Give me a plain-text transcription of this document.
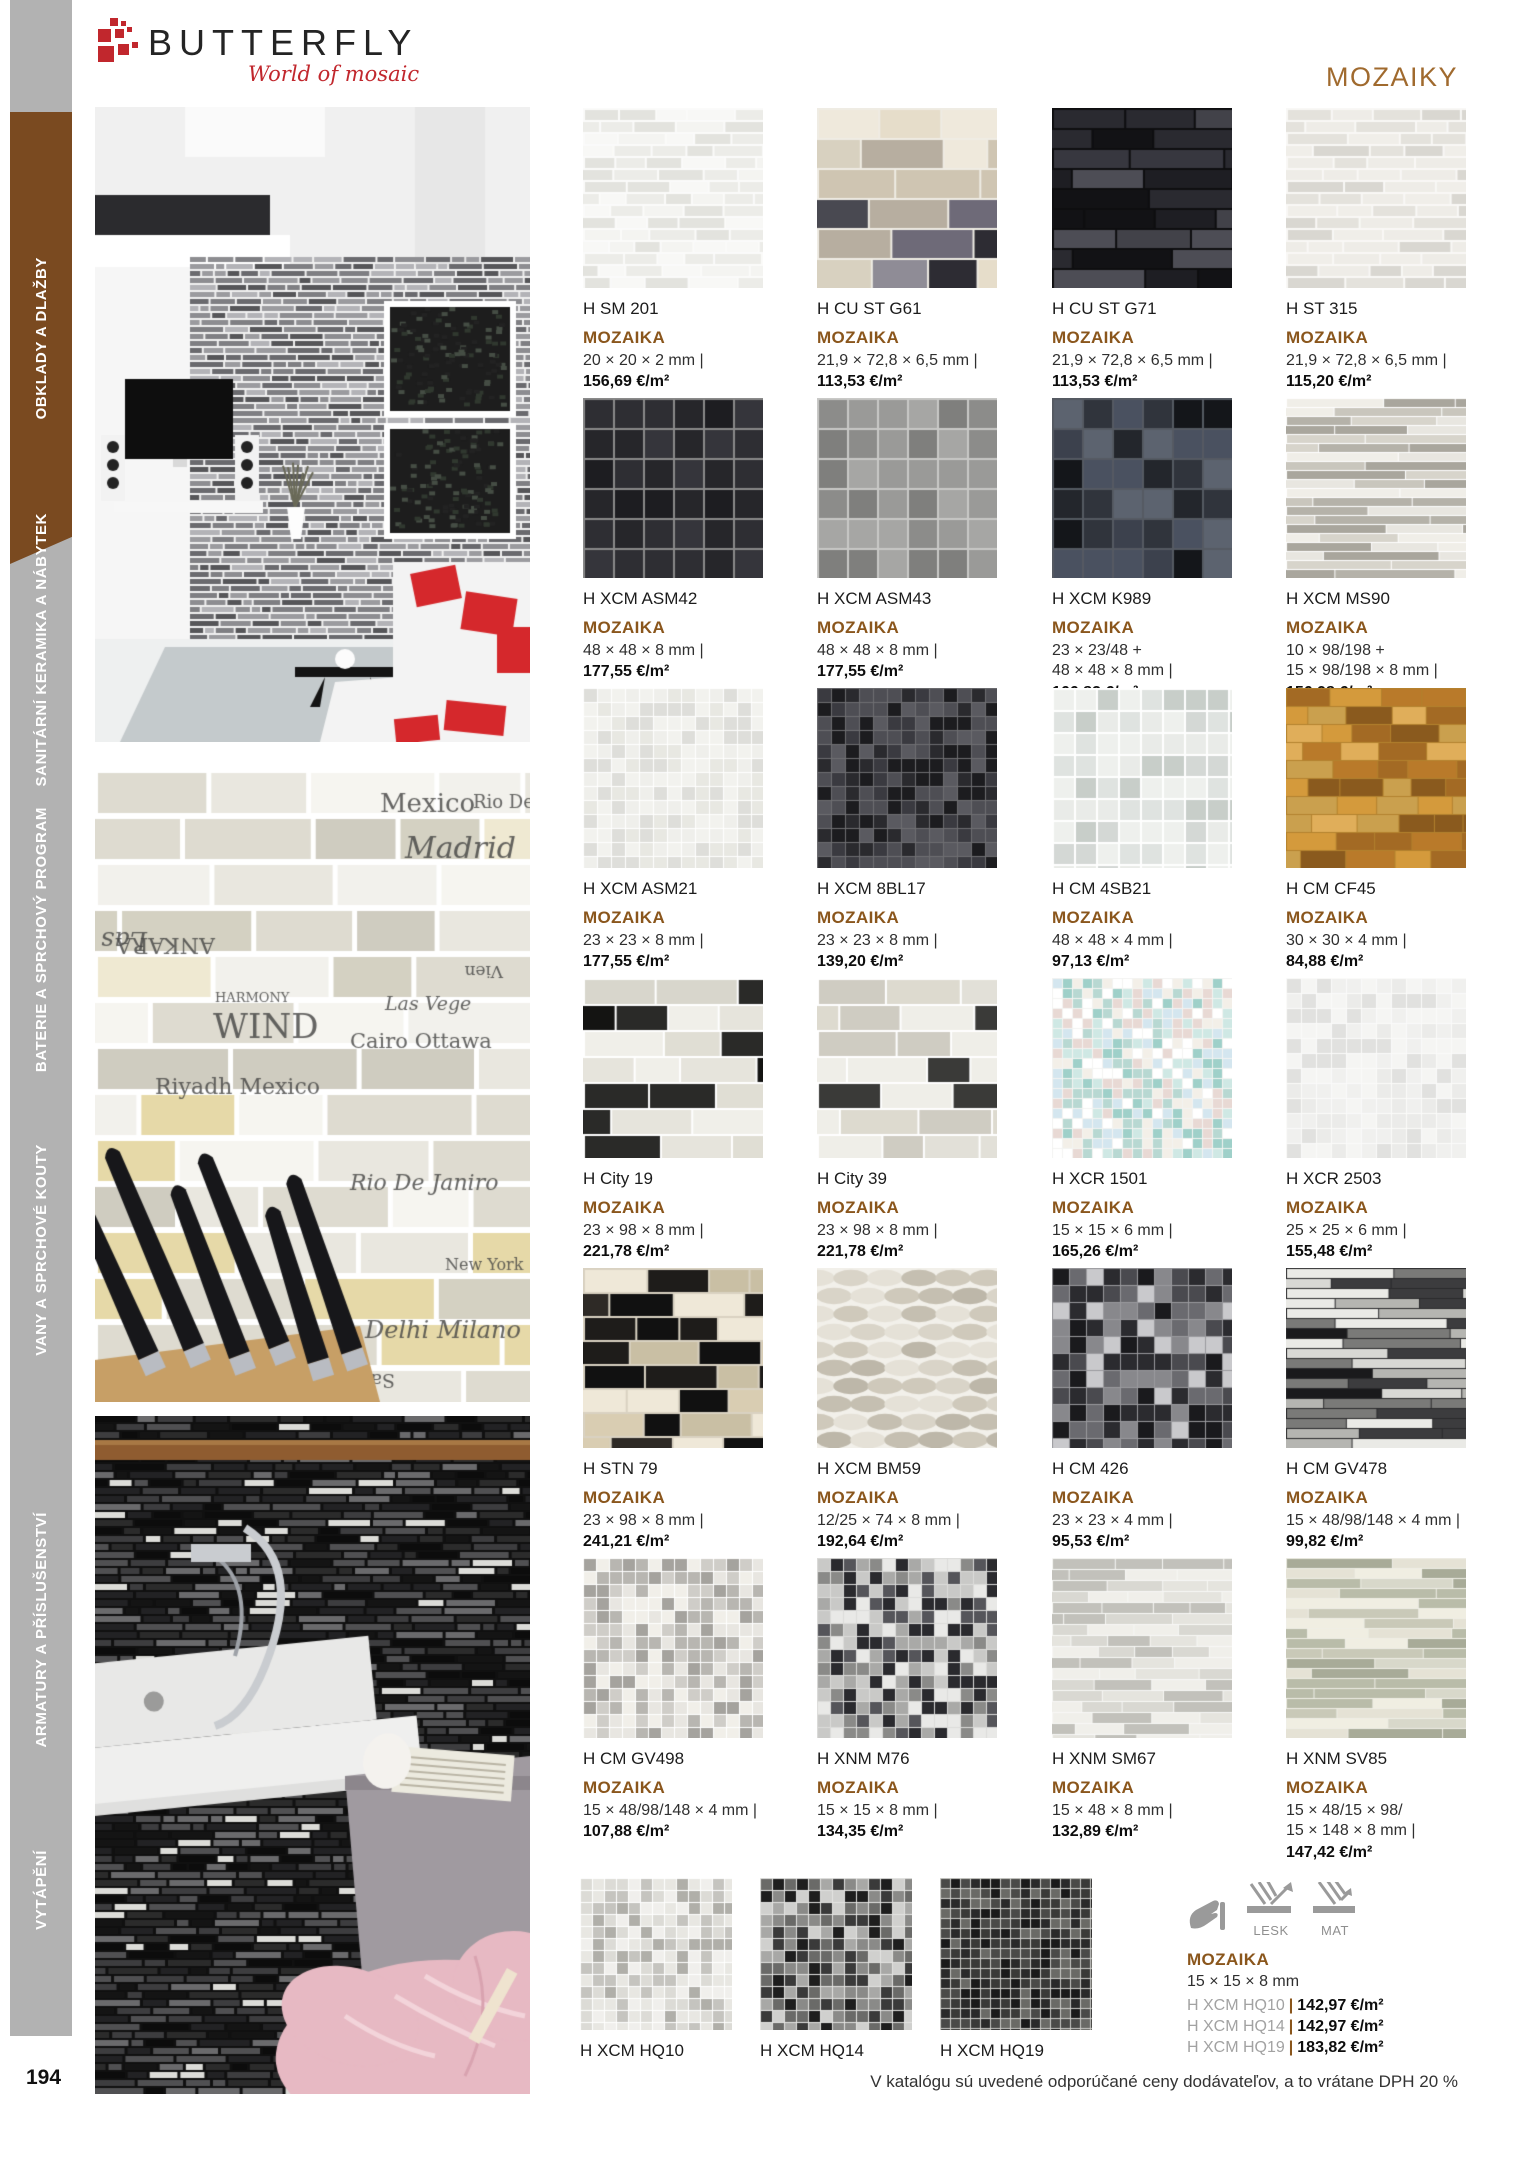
OBKLADY A DLAŽBY
SANITÁRNÍ KERAMIKA A NÁBYTEK
BATERIE A SPRCHOVÝ PROGRAM
VANY A SPRCHOVÉ KOUTY
ARMATURY A PŘÍSLUŠENSTVÍ
VYTÁPĚNÍ
BUTTERFLY
World of mosaic	MOZAIKY
H SM 201
MOZAIKA
20 × 20 × 2 mm |
156,69 €/m²
H CU ST G61
MOZAIKA
21,9 × 72,8 × 6,5 mm |
113,53 €/m²
H CU ST G71
MOZAIKA
21,9 × 72,8 × 6,5 mm |
113,53 €/m²
H ST 315
MOZAIKA
21,9 × 72,8 × 6,5 mm |
115,20 €/m²
H XCM ASM42
MOZAIKA
48 × 48 × 8 mm |
177,55 €/m²
H XCM ASM43
MOZAIKA
48 × 48 × 8 mm |
177,55 €/m²
H XCM K989
MOZAIKA
23 × 23/48 +
48 × 48 × 8 mm |
H XCM MS90
MOZAIKA
10 × 98/198 +
15 × 98/198 × 8 mm |
H XCM ASM21
MOZAIKA
23 × 23 × 8 mm |
177,55 €/m²
H XCM 8BL17
MOZAIKA
23 × 23 × 8 mm |
139,20 €/m²
H CM 4SB21
MOZAIKA
48 × 48 × 4 mm |
97,13 €/m²
H CM CF45
MOZAIKA
30 × 30 × 4 mm |
84,88 €/m²
H City 19
MOZAIKA
23 × 98 × 8 mm |
221,78 €/m²
H City 39
MOZAIKA
23 × 98 × 8 mm |
221,78 €/m²
H XCR 1501
MOZAIKA
15 × 15 × 6 mm |
165,26 €/m²
H XCR 2503
MOZAIKA
25 × 25 × 6 mm |
155,48 €/m²
H STN 79
MOZAIKA
23 × 98 × 8 mm |
241,21 €/m²
H XCM BM59
MOZAIKA
12/25 × 74 × 8 mm |
192,64 €/m²
H CM 426
MOZAIKA
23 × 23 × 4 mm |
95,53 €/m²
H CM GV478
MOZAIKA
15 × 48/98/148 × 4 mm |
99,82 €/m²
H CM GV498
MOZAIKA
15 × 48/98/148 × 4 mm |
107,88 €/m²
H XNM M76
MOZAIKA
15 × 15 × 8 mm |
134,35 €/m²
H XNM SM67
MOZAIKA
15 × 48 × 8 mm |
132,89 €/m²
H XNM SV85
MOZAIKA
15 × 48/15 × 98/
15 × 148 × 8 mm |
147,42 €/m²
H XCM HQ10	H XCM HQ14	H XCM HQ19
LESK	MAT
MOZAIKA
15 × 15 × 8 mm
H XCM HQ10 | 142,97 €/m²
H XCM HQ14 | 142,97 €/m²
H XCM HQ19 | 183,82 €/m²
V katalógu sú uvedené odporúčané ceny dodávateľov, a to vrátane DPH 20 %
194
